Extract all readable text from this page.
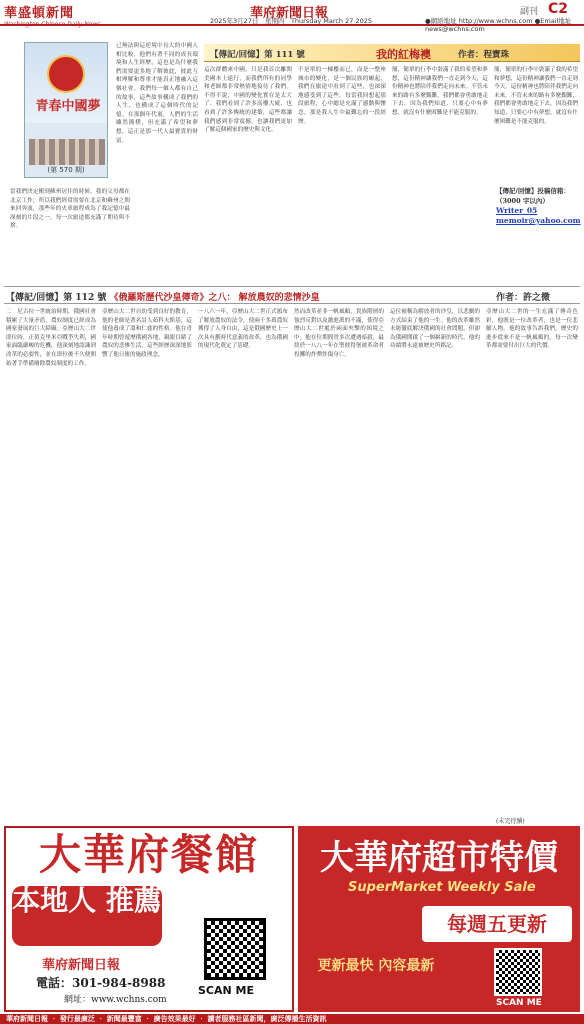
華盛頓新聞
Washington Chinese Daily News
華府新聞日報	副刊 C2
2025年3月27日　星期四　Thursday March 27 2025	●網絡地址 http://www.wchns.com ●Email地址news@wchns.com
青春中國夢
(第 570 期)
當我們決定搬到蘇州居住的時候，我的父母都在北京工作，所以我們經常需要在北京和蘇州之間來回奔波，那些年的火車旅程成為了我記憶中最深刻的片段之一，每一次旅途都充滿了期待與不捨。
已無法與這逆境中長大的中國人相比較，他們有著不同的成長環境和人生經歷，這也是為什麼我們需要更多地了解彼此，彼此互相理解和尊重才能真正地融入這個社會。我們每一個人都有自己的故事，這些故事構成了我們的人生，也構成了這個時代的記憶。在那個年代裏，人們的生活雖然簡樸，但充滿了希望和夢想，這正是那一代人最寶貴的財富。
【傳記/回憶】第 111 號	我的紅梅襖	作者：程寶珠
這次群體來中國，只是我首次離開美國本土遠行，而我們所有的同學和老師都非常熱情地接待了我們。不得不說，中國的變化實在是太大了，我們看到了許多高樓大廈，也看到了許多傳統的建築，這些都讓我們感到非常震撼，也讓我們更加了解這個國家的歷史與文化。
不是單的一棟樓而已，而是一整座城市的變化，是一個民族的崛起，我們在旅途中看到了這些，也深深地感受到了這些。每當我回想起那段旅程，心中總是充滿了感動與懷念，那是我人生中最難忘的一段經歷。
簡，簡單的行李中裝滿了我的希望和夢想，這份精神讓我們一直走到今天，這份精神也將陪伴我們走向未來。不管未來的路有多麼艱難，我們都會勇敢地走下去，因為我們知道，只要心中有夢想，就沒有什麼困難是不能克服的。
簡，簡單的行李中裝滿了我的希望和夢想，這份精神讓我們一直走到今天，這份精神也將陪伴我們走向未來。不管未來的路有多麼艱難，我們都會勇敢地走下去，因為我們知道，只要心中有夢想，就沒有什麼困難是不能克服的。
【傳記/回憶】投稿信箱：
（3000 字以內）
Writer_05 memoir@yahoo.com
【傳記/回憶】第 112 號 《俄羅斯歷代沙皇傳奇》之八： 解放農奴的悲情沙皇	作者：許之微
二　尼古拉一世統治時期，俄國社會積累了大量矛盾，農奴制度已經成為國家發展的巨大障礙。亞歷山大二世即位時，正值克里米亞戰爭失利，國家面臨嚴峻的危機，他深刻地認識到改革的必要性，並在即位後不久便開始著手準備廢除農奴制度的工作。
亞歷山大二世自幼受到良好的教育，他的老師是著名詩人茹科夫斯基，這使他養成了溫和仁慈的性格。他在青年時期曾遊歷俄國各地，親眼目睹了農奴的悲慘生活，這些經歷深深地影響了他日後的施政理念。
一八六一年，亞歷山大二世正式頒布了解放農奴的法令，使兩千多萬農奴獲得了人身自由，這是俄國歷史上一次具有劃時代意義的改革，也為俄國的現代化奠定了基礎。
然而改革並非一帆風順，貴族階層的強烈反對以及激進派的不滿，使得亞歷山大二世處於兩面夾擊的困境之中。他在位期間曾多次遭遇暗殺，最終於一八八一年在聖彼得堡被革命者投擲的炸彈炸傷身亡。
這位被稱為解放者的沙皇，以悲劇的方式結束了他的一生。他的改革雖然未能徹底解決俄國的社會問題，但卻為俄國開啟了一個嶄新的時代，他的功績將永遠被歷史所銘記。
亞歷山大二世的一生充滿了傳奇色彩，他既是一位改革者，也是一位悲劇人物。他的故事告訴我們，歷史的進步從來不是一帆風順的，每一次變革都需要付出巨大的代價。
(未完待續)
大華府餐館
本地人 推薦
華府新聞日報
電話：301-984-8988
網址：www.wchns.com
SCAN ME
大華府超市特價
SuperMarket Weekly Sale
每週五更新
更新最快 內容最新
SCAN ME
華府新聞日報 ‧ 發行最廣泛 ‧ 新聞最豐富 ‧ 廣告效果最好 ‧ 讀者服務社區新聞，廣泛傳播生活資訊
